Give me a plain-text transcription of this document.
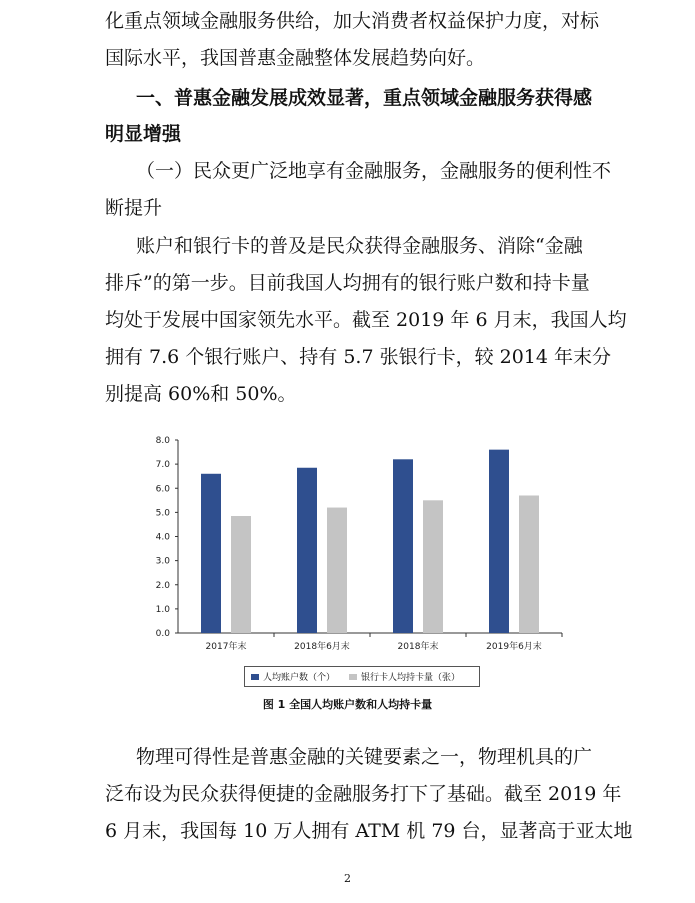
化重点领域金融服务供给，加大消费者权益保护力度，对标
国际水平，我国普惠金融整体发展趋势向好。
一、普惠金融发展成效显著，重点领域金融服务获得感
明显增强
（一）民众更广泛地享有金融服务，金融服务的便利性不
断提升
账户和银行卡的普及是民众获得金融服务、消除“金融
排斥”的第一步。目前我国人均拥有的银行账户数和持卡量
均处于发展中国家领先水平。截至 2019 年 6 月末，我国人均
拥有 7.6 个银行账户、持有 5.7 张银行卡，较 2014 年末分
别提高 60%和 50%。
0.0
1.0
2.0
3.0
4.0
5.0
6.0
7.0
8.0
2017年末	2018年6月末	2018年末	2019年6月末
人均账户数（个）	银行卡人均持卡量（张）
图 1 全国人均账户数和人均持卡量
物理可得性是普惠金融的关键要素之一，物理机具的广
泛布设为民众获得便捷的金融服务打下了基础。截至 2019 年
6 月末，我国每 10 万人拥有 ATM 机 79 台，显著高于亚太地
2
